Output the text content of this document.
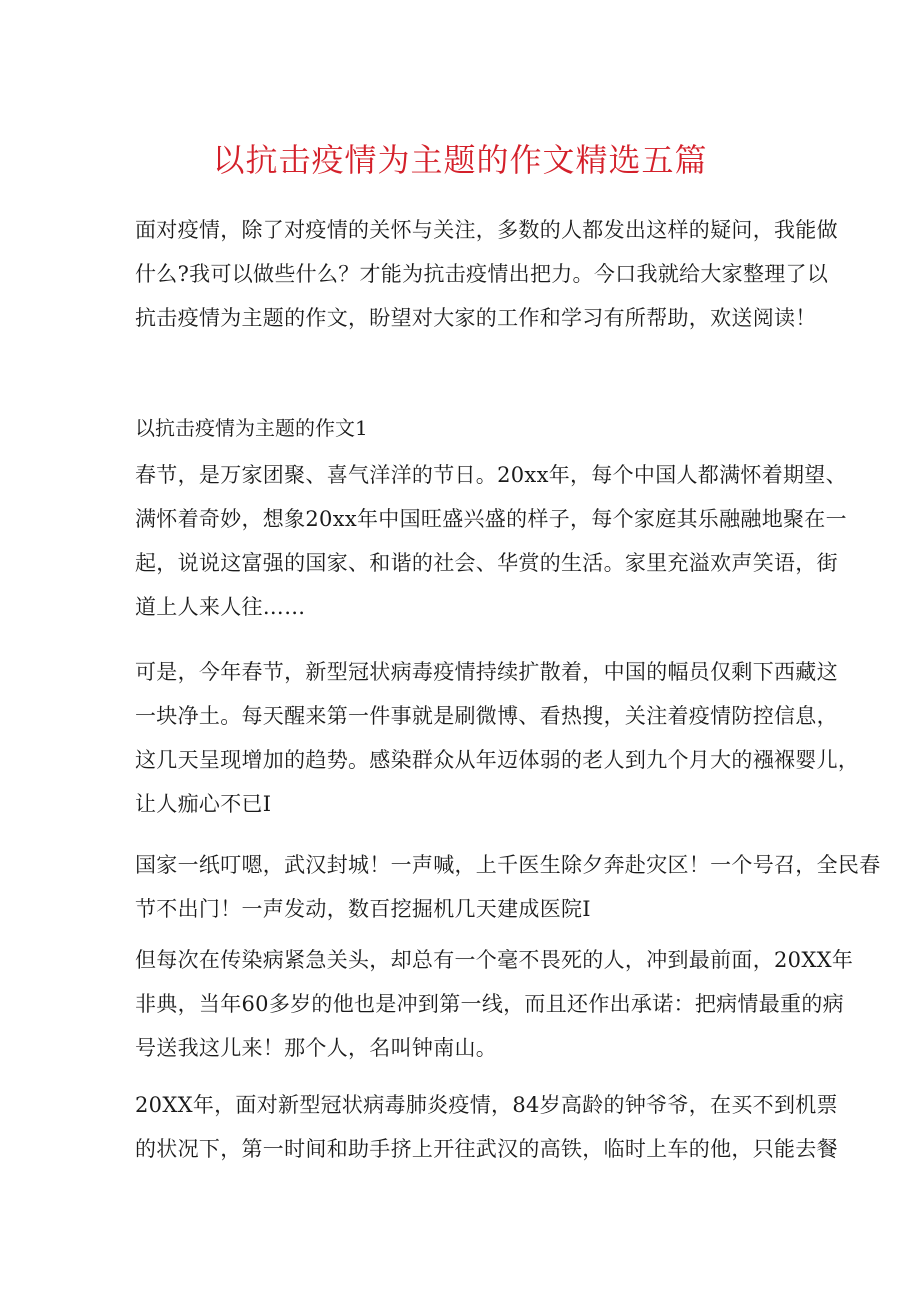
以抗击疫情为主题的作文精选五篇

面对疫情，除了对疫情的关怀与关注，多数的人都发出这样的疑问，我能做
什么?我可以做些什么？才能为抗击疫情出把力。今口我就给大家整理了以
抗击疫情为主题的作文，盼望对大家的工作和学习有所帮助，欢送阅读！

以抗击疫情为主题的作文1

春节，是万家团聚、喜气洋洋的节日。20xx年，每个中国人都满怀着期望、
满怀着奇妙，想象20xx年中国旺盛兴盛的样子，每个家庭其乐融融地聚在一
起，说说这富强的国家、和谐的社会、华赏的生活。家里充溢欢声笑语，街
道上人来人往……

可是，今年春节，新型冠状病毒疫情持续扩散着，中国的幅员仅剩下西藏这
一块净土。每天醒来第一件事就是刷微博、看热搜，关注着疫情防控信息，
这几天呈现增加的趋势。感染群众从年迈体弱的老人到九个月大的襁褓婴儿，
让人痂心不已I

国家一纸叮嗯，武汉封城！一声喊，上千医生除夕奔赴灾区！一个号召，全民春
节不出门！一声发动，数百挖掘机几天建成医院I

但每次在传染病紧急关头，却总有一个毫不畏死的人，冲到最前面，20XX年
非典，当年60多岁的他也是冲到第一线，而且还作出承诺：把病情最重的病
号送我这儿来！那个人，名叫钟南山。

20XX年，面对新型冠状病毒肺炎疫情，84岁高龄的钟爷爷，在买不到机票
的状况下，第一时间和助手挤上开往武汉的高铁，临时上车的他，只能去餐
